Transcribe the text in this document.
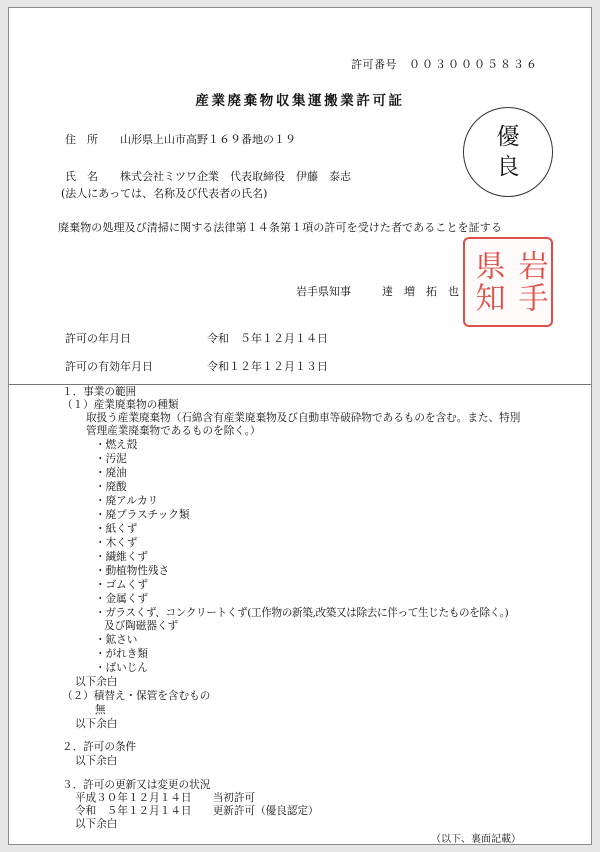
許可番号 ００３０００５８３６
産業廃棄物収集運搬業許可証
住　所 山形県上山市高野１６９番地の１９
氏　名 株式会社ミツワ企業　代表取締役　伊藤　泰志
(法人にあっては、名称及び代表者の氏名)
優
良
廃棄物の処理及び清掃に関する法律第１４条第１項の許可を受けた者であることを証する
岩手県知事	達　増　拓　也 県知 岩手
許可の年月日	令和　５年１２月１４日
許可の有効年月日	令和１２年１２月１３日
１．事業の範囲
（１）産業廃棄物の種類
取扱う産業廃棄物（石綿含有産業廃棄物及び自動車等破砕物であるものを含む。また、特別
管理産業廃棄物であるものを除く。）
・燃え殻
・汚泥
・廃油
・廃酸
・廃アルカリ
・廃プラスチック類
・紙くず
・木くず
・繊維くず
・動植物性残さ
・ゴムくず
・金属くず
・ガラスくず、コンクリートくず(工作物の新築,改築又は除去に伴って生じたものを除く。)
及び陶磁器くず
・鉱さい
・がれき類
・ばいじん
以下余白
（２）積替え・保管を含むもの
無
以下余白
２．許可の条件
以下余白
３．許可の更新又は変更の状況
平成３０年１２月１４日　　当初許可
令和　５年１２月１４日　　更新許可（優良認定）
以下余白
（以下、裏面記載）
